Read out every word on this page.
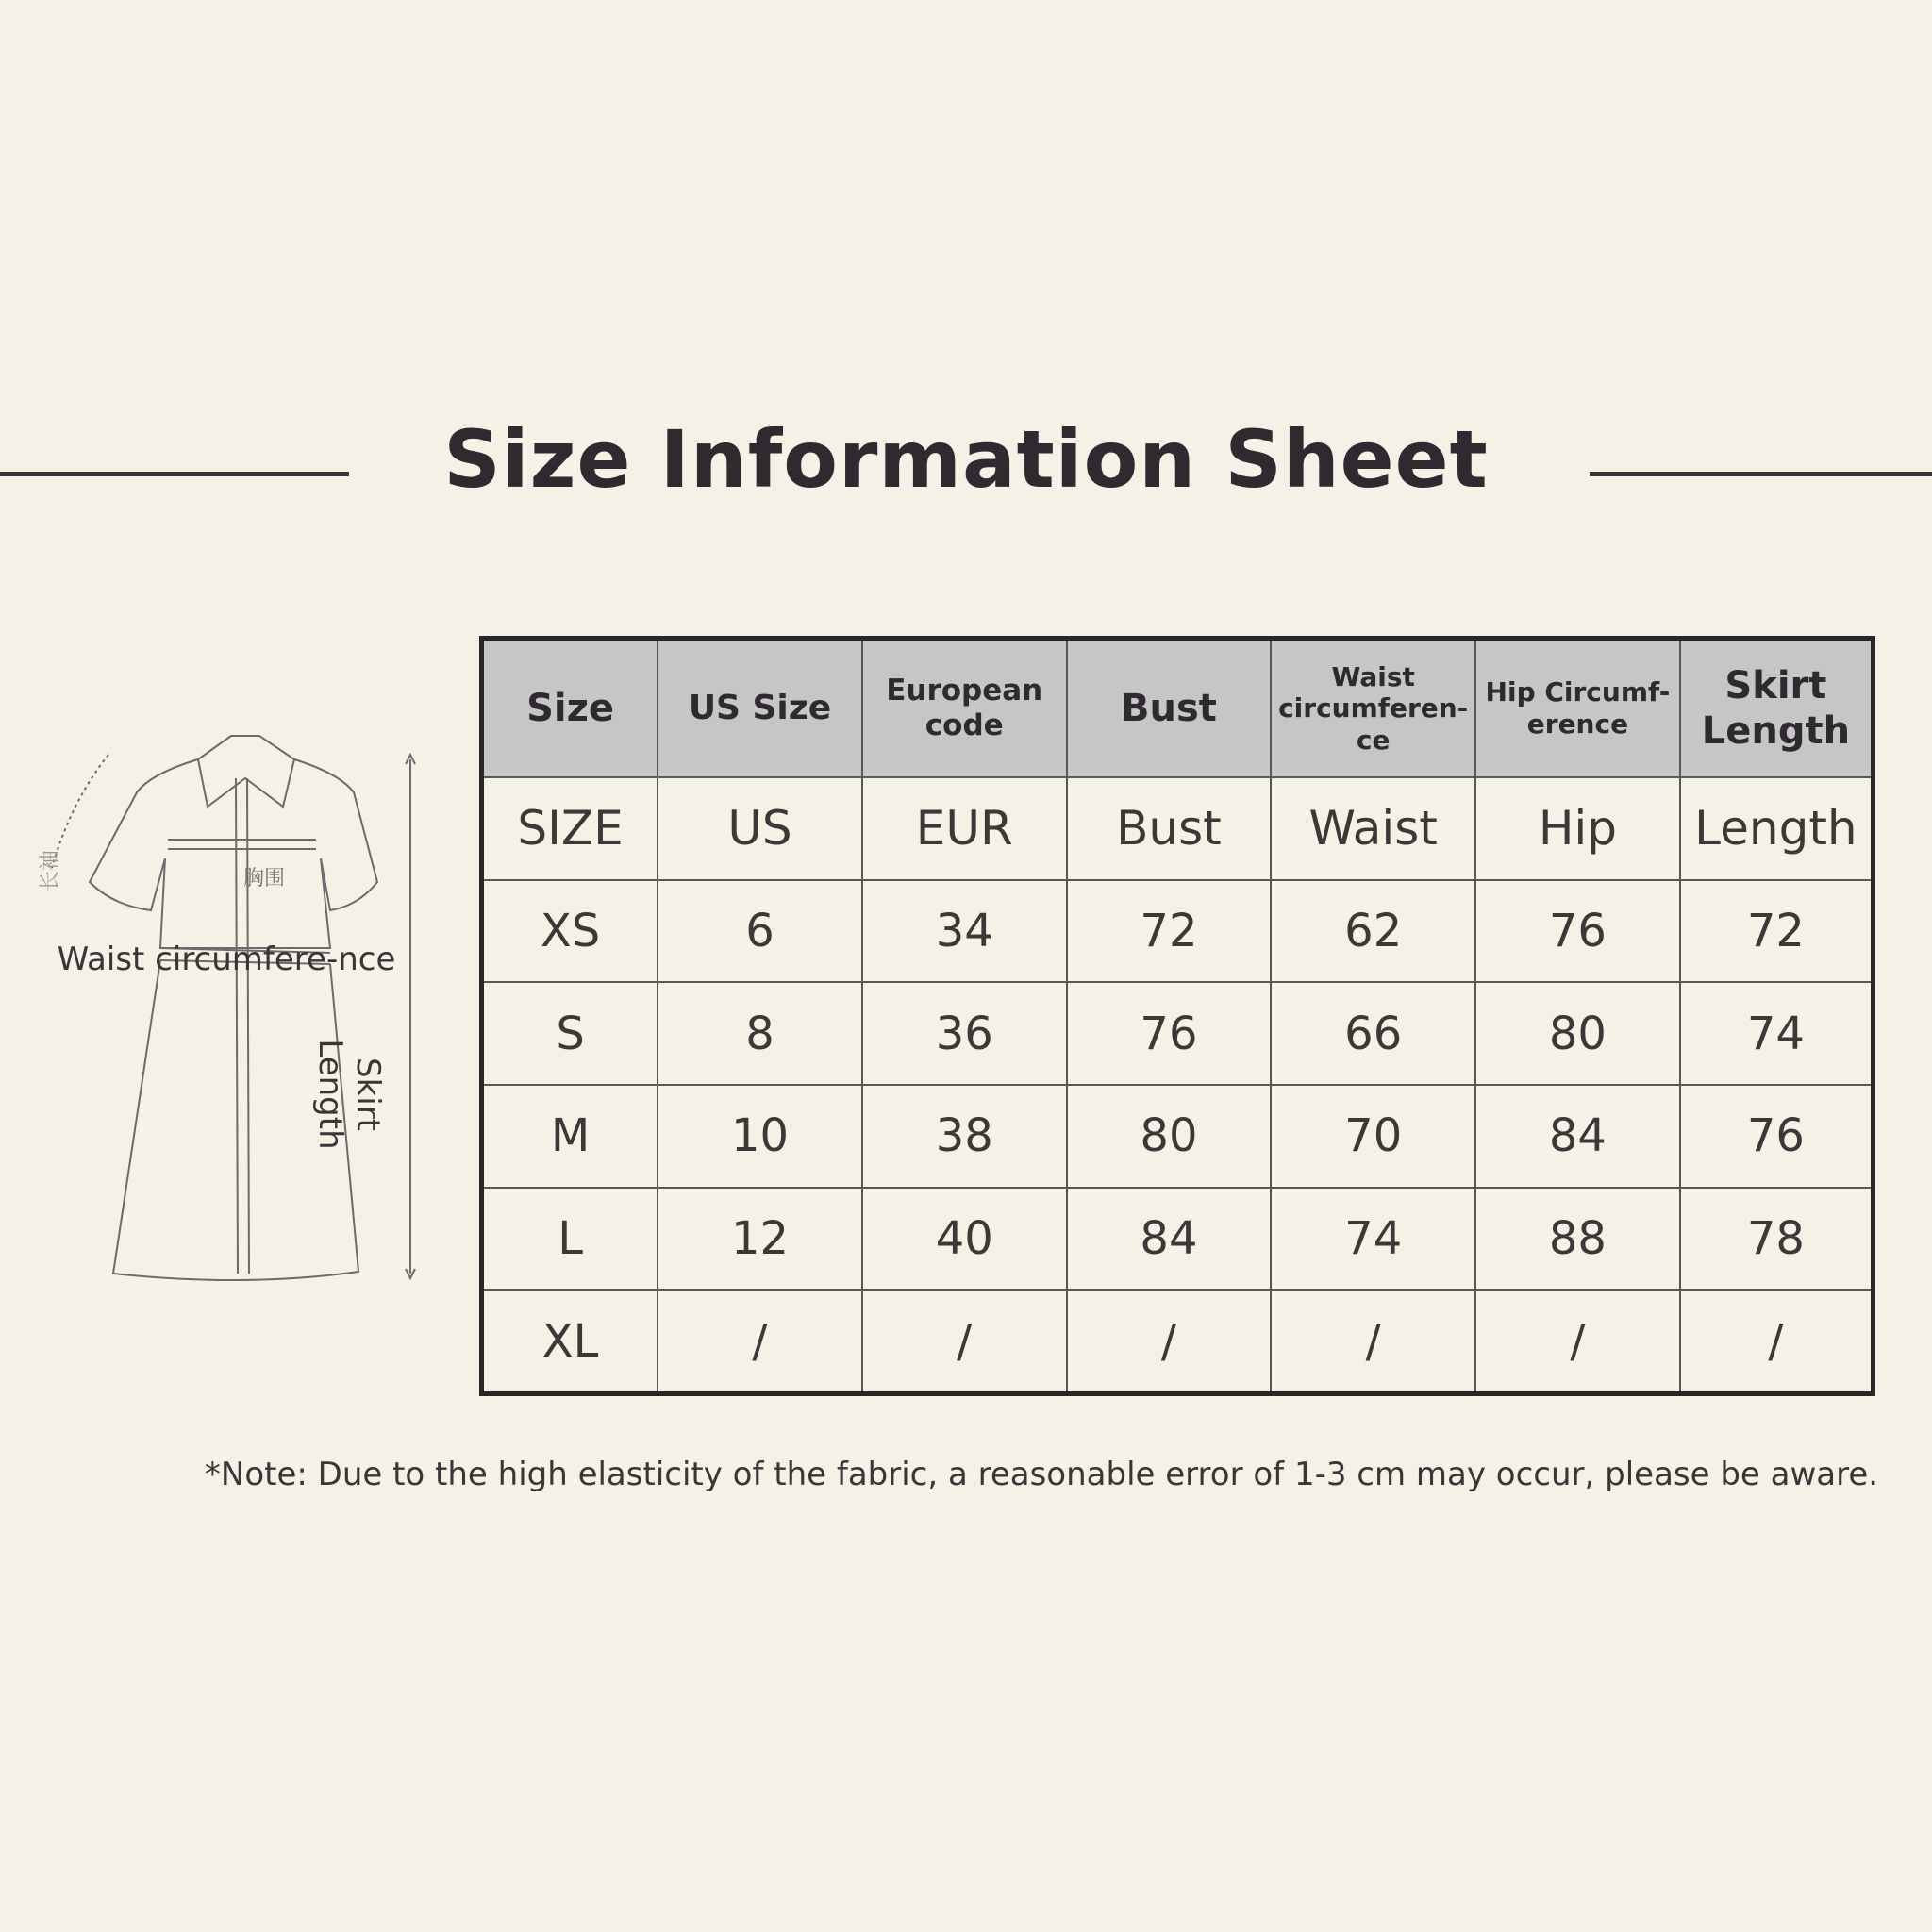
Size Information Sheet
胸围
长袖
Waist circumfere-nce
Skirt Length
Size	US Size	European code	Bust	Waist circumferen-ce	Hip Circumf-erence	Skirt Length
SIZE	US	EUR	Bust	Waist	Hip	Length
XS	6	34	72	62	76	72
S	8	36	76	66	80	74
M	10	38	80	70	84	76
L	12	40	84	74	88	78
XL	/	/	/	/	/	/
*Note: Due to the high elasticity of the fabric, a reasonable error of 1-3 cm may occur, please be aware.
